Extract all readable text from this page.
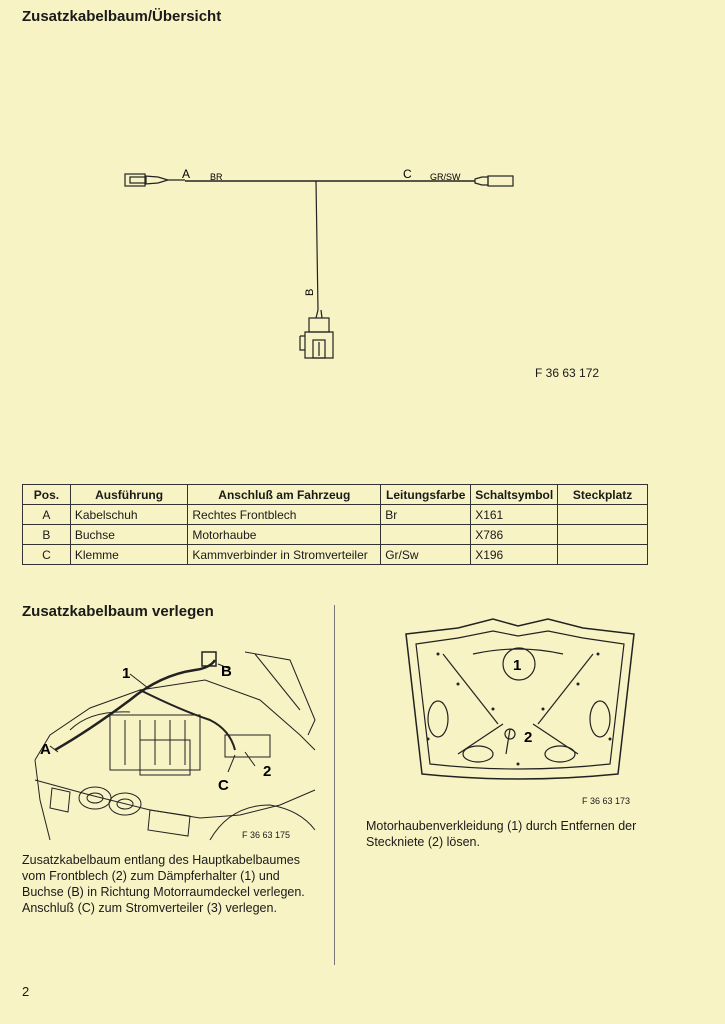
Zusatzkabelbaum/Übersicht
A BR	C GR/SW
B
F 36 63 172
Pos.	Ausführung	Anschluß am Fahrzeug	Leitungsfarbe	Schaltsymbol	Steckplatz
A	Kabelschuh	Rechtes Frontblech	Br	X161	
B	Buchse	Motorhaube		X786	
C	Klemme	Kammverbinder in Stromverteiler	Gr/Sw	X196	
Zusatzkabelbaum verlegen
1	B
A
C
2
F 36 63 175
Zusatzkabelbaum entlang des Hauptkabelbaumes vom Frontblech (2) zum Dämpferhalter (1) und Buchse (B) in Richtung Motorraumdeckel verlegen. Anschluß (C) zum Stromverteiler (3) verlegen.
1
2
F 36 63 173
Motorhaubenverkleidung (1) durch Entfernen der Steckniete (2) lösen.
2
